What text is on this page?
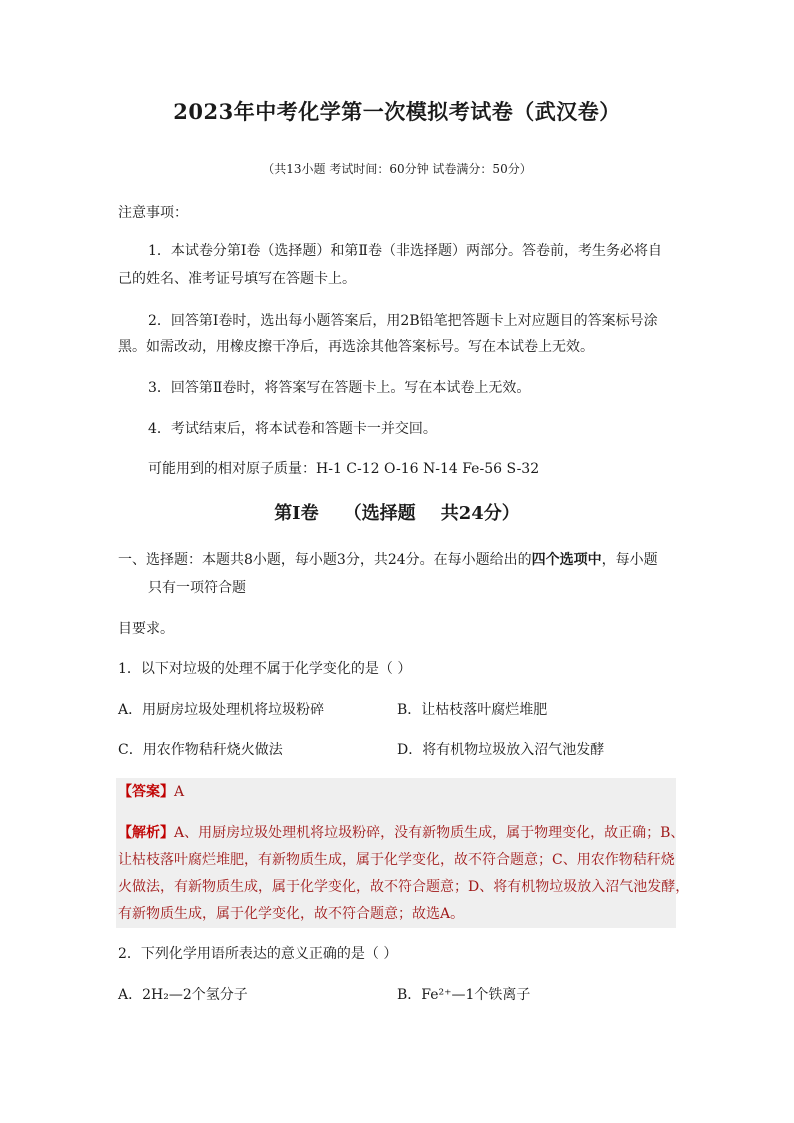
2023年中考化学第一次模拟考试卷（武汉卷）
（共13小题 考试时间：60分钟 试卷满分：50分）
注意事项：
1．本试卷分第Ⅰ卷（选择题）和第Ⅱ卷（非选择题）两部分。答卷前，考生务必将自
己的姓名、准考证号填写在答题卡上。
2．回答第Ⅰ卷时，选出每小题答案后，用2B铅笔把答题卡上对应题目的答案标号涂
黑。如需改动，用橡皮擦干净后，再选涂其他答案标号。写在本试卷上无效。
3．回答第Ⅱ卷时，将答案写在答题卡上。写在本试卷上无效。
4．考试结束后，将本试卷和答题卡一并交回。
可能用到的相对原子质量：H-1 C-12 O-16 N-14 Fe-56 S-32
第Ⅰ卷    （选择题    共24分）
一、选择题：本题共8小题，每小题3分，共24分。在每小题给出的四个选项中，每小题
只有一项符合题
目要求。
1．以下对垃圾的处理不属于化学变化的是（ ）
A．用厨房垃圾处理机将垃圾粉碎	B．让枯枝落叶腐烂堆肥
C．用农作物秸秆烧火做法	D．将有机物垃圾放入沼气池发酵
【答案】A
【解析】A、用厨房垃圾处理机将垃圾粉碎，没有新物质生成，属于物理变化，故正确；B、
让枯枝落叶腐烂堆肥，有新物质生成，属于化学变化，故不符合题意；C、用农作物秸秆烧
火做法，有新物质生成，属于化学变化，故不符合题意；D、将有机物垃圾放入沼气池发酵，
有新物质生成，属于化学变化，故不符合题意；故选A。
2．下列化学用语所表达的意义正确的是（ ）
A．2H₂—2个氢分子	B．Fe²⁺—1个铁离子
